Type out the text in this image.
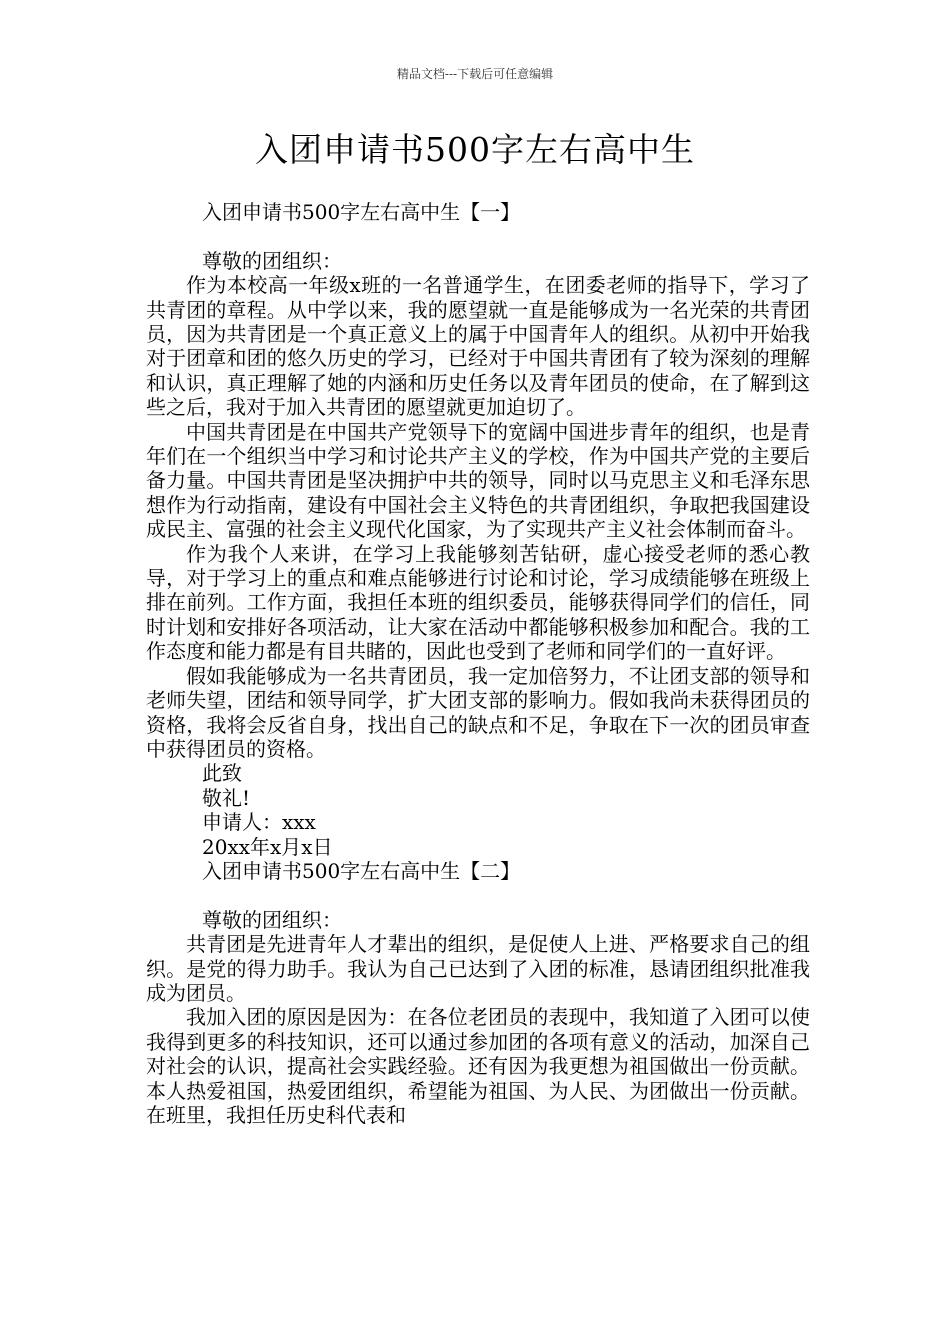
精品文档---下载后可任意编辑
入团申请书500字左右高中生
入团申请书500字左右高中生【一】

尊敬的团组织：

作为本校高一年级x班的一名普通学生，在团委老师的指导下，学习了共青团的章程。从中学以来，我的愿望就一直是能够成为一名光荣的共青团员，因为共青团是一个真正意义上的属于中国青年人的组织。从初中开始我对于团章和团的悠久历史的学习，已经对于中国共青团有了较为深刻的理解和认识，真正理解了她的内涵和历史任务以及青年团员的使命，在了解到这些之后，我对于加入共青团的愿望就更加迫切了。

中国共青团是在中国共产党领导下的宽阔中国进步青年的组织，也是青年们在一个组织当中学习和讨论共产主义的学校，作为中国共产党的主要后备力量。中国共青团是坚决拥护中共的领导，同时以马克思主义和毛泽东思想作为行动指南，建设有中国社会主义特色的共青团组织，争取把我国建设成民主、富强的社会主义现代化国家，为了实现共产主义社会体制而奋斗。

作为我个人来讲，在学习上我能够刻苦钻研，虚心接受老师的悉心教导，对于学习上的重点和难点能够进行讨论和讨论，学习成绩能够在班级上排在前列。工作方面，我担任本班的组织委员，能够获得同学们的信任，同时计划和安排好各项活动，让大家在活动中都能够积极参加和配合。我的工作态度和能力都是有目共睹的，因此也受到了老师和同学们的一直好评。

假如我能够成为一名共青团员，我一定加倍努力，不让团支部的领导和老师失望，团结和领导同学，扩大团支部的影响力。假如我尚未获得团员的资格，我将会反省自身，找出自己的缺点和不足，争取在下一次的团员审查中获得团员的资格。

此致

敬礼!

申请人：xxx

20xx年x月x日

入团申请书500字左右高中生【二】

尊敬的团组织：

共青团是先进青年人才辈出的组织，是促使人上进、严格要求自己的组织。是党的得力助手。我认为自己已达到了入团的标准，恳请团组织批准我成为团员。

我加入团的原因是因为：在各位老团员的表现中，我知道了入团可以使我得到更多的科技知识，还可以通过参加团的各项有意义的活动，加深自己对社会的认识，提高社会实践经验。还有因为我更想为祖国做出一份贡献。本人热爱祖国，热爱团组织，希望能为祖国、为人民、为团做出一份贡献。在班里，我担任历史科代表和
